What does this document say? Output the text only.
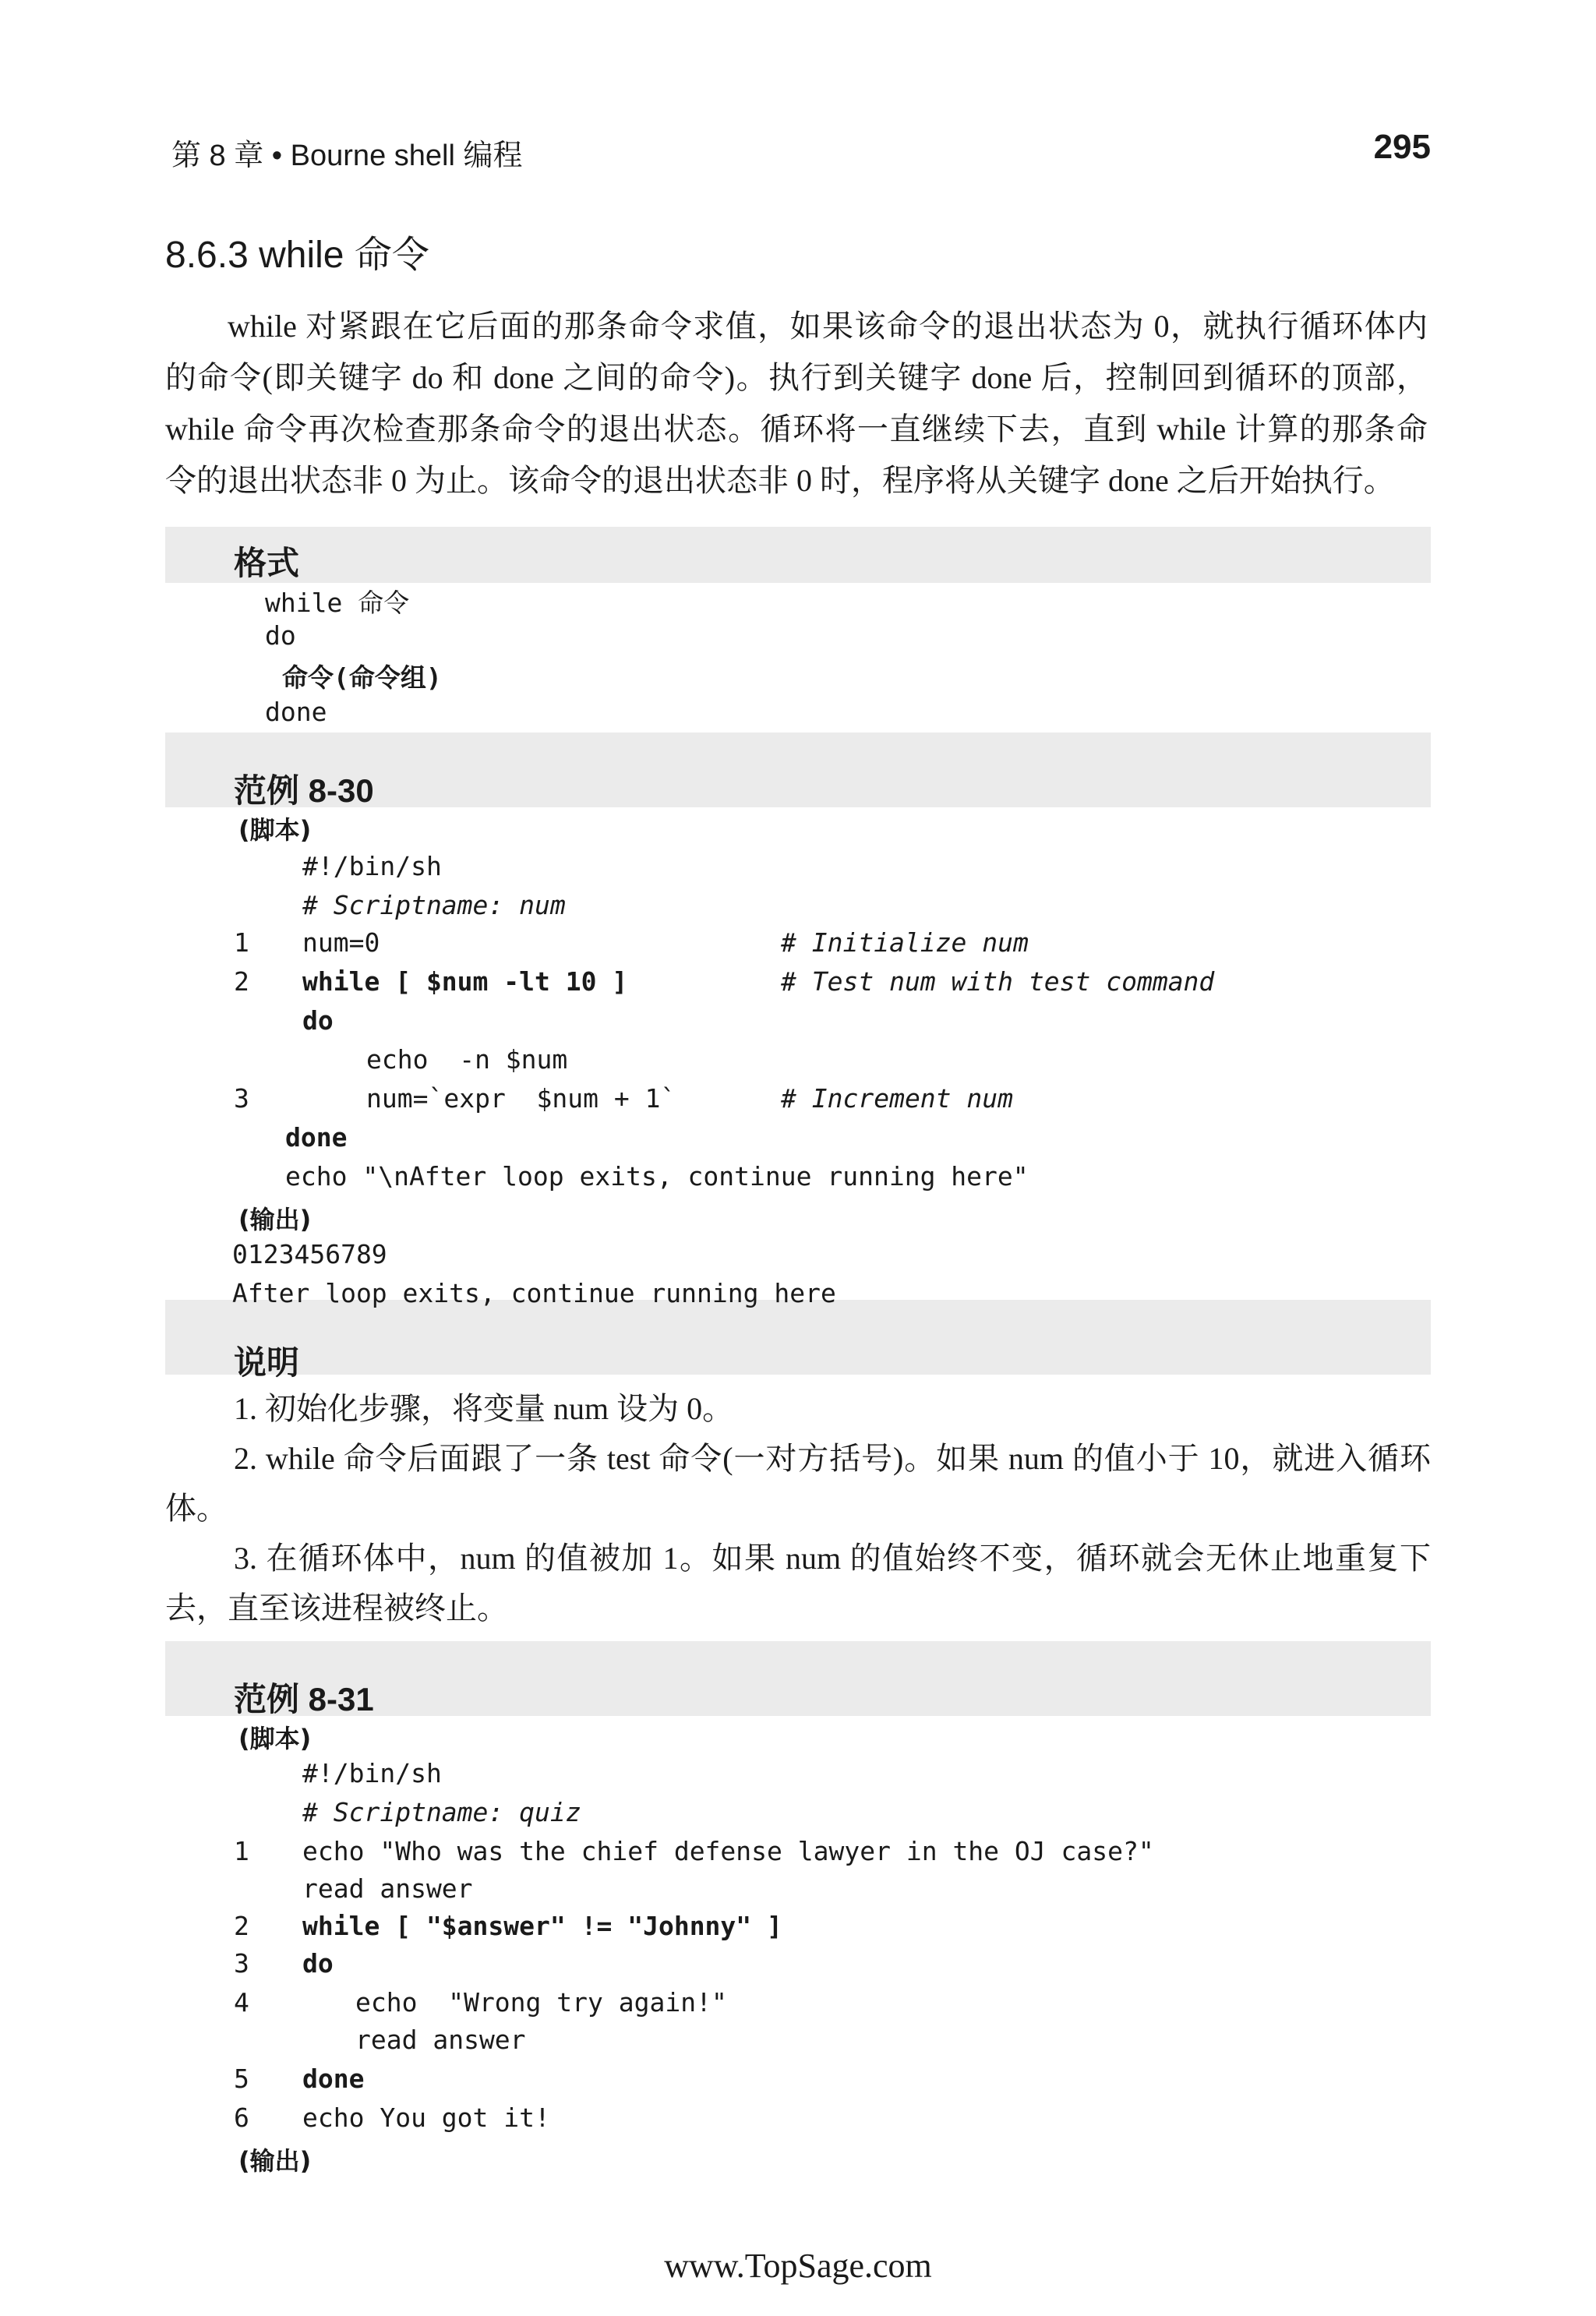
第 8 章 • Bourne shell 编程	295
8.6.3 while 命令

while 对紧跟在它后面的那条命令求值，如果该命令的退出状态为 0，就执行循环体内

的命令(即关键字 do 和 done 之间的命令)。执行到关键字 done 后，控制回到循环的顶部，

while 命令再次检查那条命令的退出状态。循环将一直继续下去，直到 while 计算的那条命

令的退出状态非 0 为止。该命令的退出状态非 0 时，程序将从关键字 done 之后开始执行。

格式
while 命令
do
命令(命令组)
done
范例 8-30
(脚本)
#!/bin/sh
# Scriptname: num
1 num=0	# Initialize num
2 while [ $num -lt 10 ]	# Test num with test command
do
echo  -n $num
3	num=`expr  $num + 1`	# Increment num
done
echo "\nAfter loop exits, continue running here"
(输出)
0123456789
After loop exits, continue running here
说明

1. 初始化步骤，将变量 num 设为 0。

2. while 命令后面跟了一条 test 命令(一对方括号)。如果 num 的值小于 10，就进入循环体。

3. 在循环体中，num 的值被加 1。如果 num 的值始终不变，循环就会无休止地重复下去，直至该进程被终止。

范例 8-31
(脚本)
#!/bin/sh
# Scriptname: quiz
1 echo "Who was the chief defense lawyer in the OJ case?"
read answer
2 while [ "$answer" != "Johnny" ]
3 do
4	echo  "Wrong try again!"
read answer
5 done
6 echo You got it!
(输出)
www.TopSage.com
